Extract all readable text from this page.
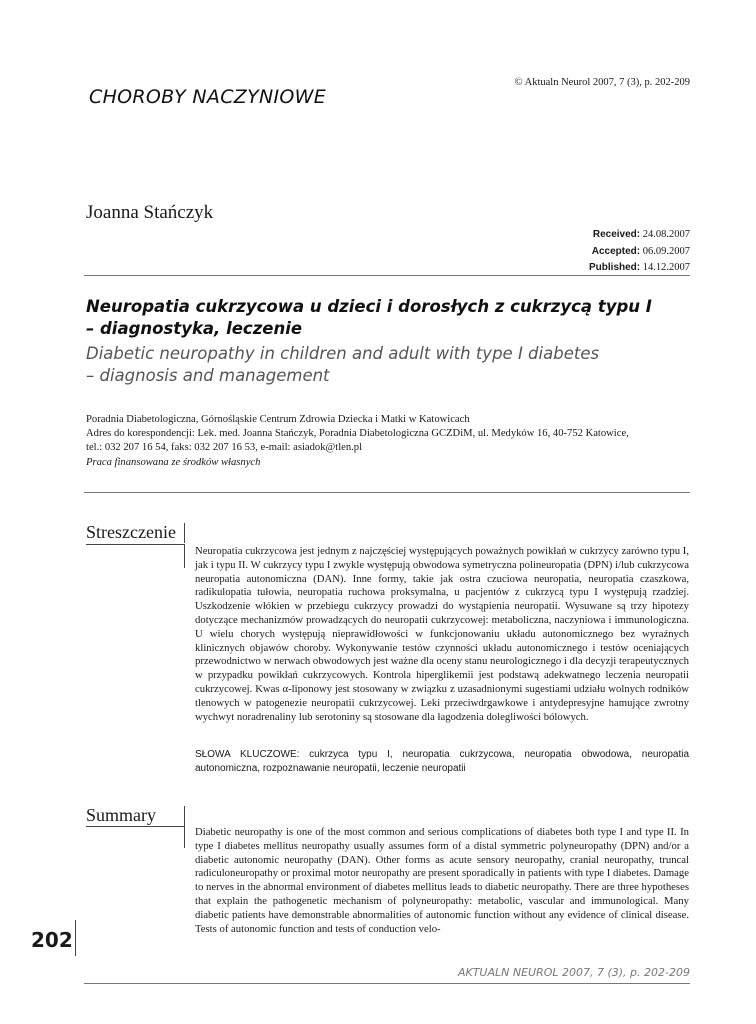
© Aktualn Neurol 2007, 7 (3), p. 202-209
CHOROBY NACZYNIOWE
Joanna Stańczyk
Received: 24.08.2007
Accepted: 06.09.2007
Published: 14.12.2007
Neuropatia cukrzycowa u dzieci i dorosłych z cukrzycą typu I
– diagnostyka, leczenie
Diabetic neuropathy in children and adult with type I diabetes
– diagnosis and management
Poradnia Diabetologiczna, Górnośląskie Centrum Zdrowia Dziecka i Matki w Katowicach
Adres do korespondencji: Lek. med. Joanna Stańczyk, Poradnia Diabetologiczna GCZDiM, ul. Medyków 16, 40-752 Katowice,
tel.: 032 207 16 54, faks: 032 207 16 53, e-mail: asiadok@tlen.pl
Praca finansowana ze środków własnych
Streszczenie
Neuropatia cukrzycowa jest jednym z najczęściej występujących poważnych powikłań w cukrzycy zarówno typu I, jak i typu II. W cukrzycy typu I zwykle występują obwodowa symetryczna polineuropatia (DPN) i/lub cukrzycowa neuropatia autonomiczna (DAN). Inne formy, takie jak ostra czuciowa neuropatia, neuropatia czaszkowa, radikulopatia tułowia, neuropatia ruchowa proksymalna, u pacjentów z cukrzycą typu I występują rzadziej. Uszkodzenie włókien w przebiegu cukrzycy prowadzi do wystąpienia neuropatii. Wysuwane są trzy hipotezy dotyczące mechanizmów prowadzących do neuropatii cukrzycowej: metaboliczna, naczyniowa i immunologiczna. U wielu chorych występują nieprawidłowości w funkcjonowaniu układu autonomicznego bez wyraźnych klinicznych objawów choroby. Wykonywanie testów czynności układu autonomicznego i testów oceniających przewodnictwo w nerwach obwodowych jest ważne dla oceny stanu neurologicznego i dla decyzji terapeutycznych w przypadku powikłań cukrzycowych. Kontrola hiperglikemii jest podstawą adekwatnego leczenia neuropatii cukrzycowej. Kwas α-liponowy jest stosowany w związku z uzasadnionymi sugestiami udziału wolnych rodników tlenowych w patogenezie neuropatii cukrzycowej. Leki przeciwdrgawkowe i antydepresyjne hamujące zwrotny wychwyt noradrenaliny lub serotoniny są stosowane dla łagodzenia dolegliwości bólowych.
SŁOWA KLUCZOWE: cukrzyca typu I, neuropatia cukrzycowa, neuropatia obwodowa, neuropatia autonomiczna, rozpoznawanie neuropatii, leczenie neuropatii
Summary
Diabetic neuropathy is one of the most common and serious complications of diabetes both type I and type II. In type I diabetes mellitus neuropathy usually assumes form of a distal symmetric polyneuropathy (DPN) and/or a diabetic autonomic neuropathy (DAN). Other forms as acute sensory neuropathy, cranial neuropathy, truncal radiculoneuropathy or proximal motor neuropathy are present sporadically in patients with type I diabetes. Damage to nerves in the abnormal environment of diabetes mellitus leads to diabetic neuropathy. There are three hypotheses that explain the pathogenetic mechanism of polyneuropathy: metabolic, vascular and immunological. Many diabetic patients have demonstrable abnormalities of autonomic function without any evidence of clinical disease. Tests of autonomic function and tests of conduction velo-
202
AKTUALN NEUROL 2007, 7 (3), p. 202-209
